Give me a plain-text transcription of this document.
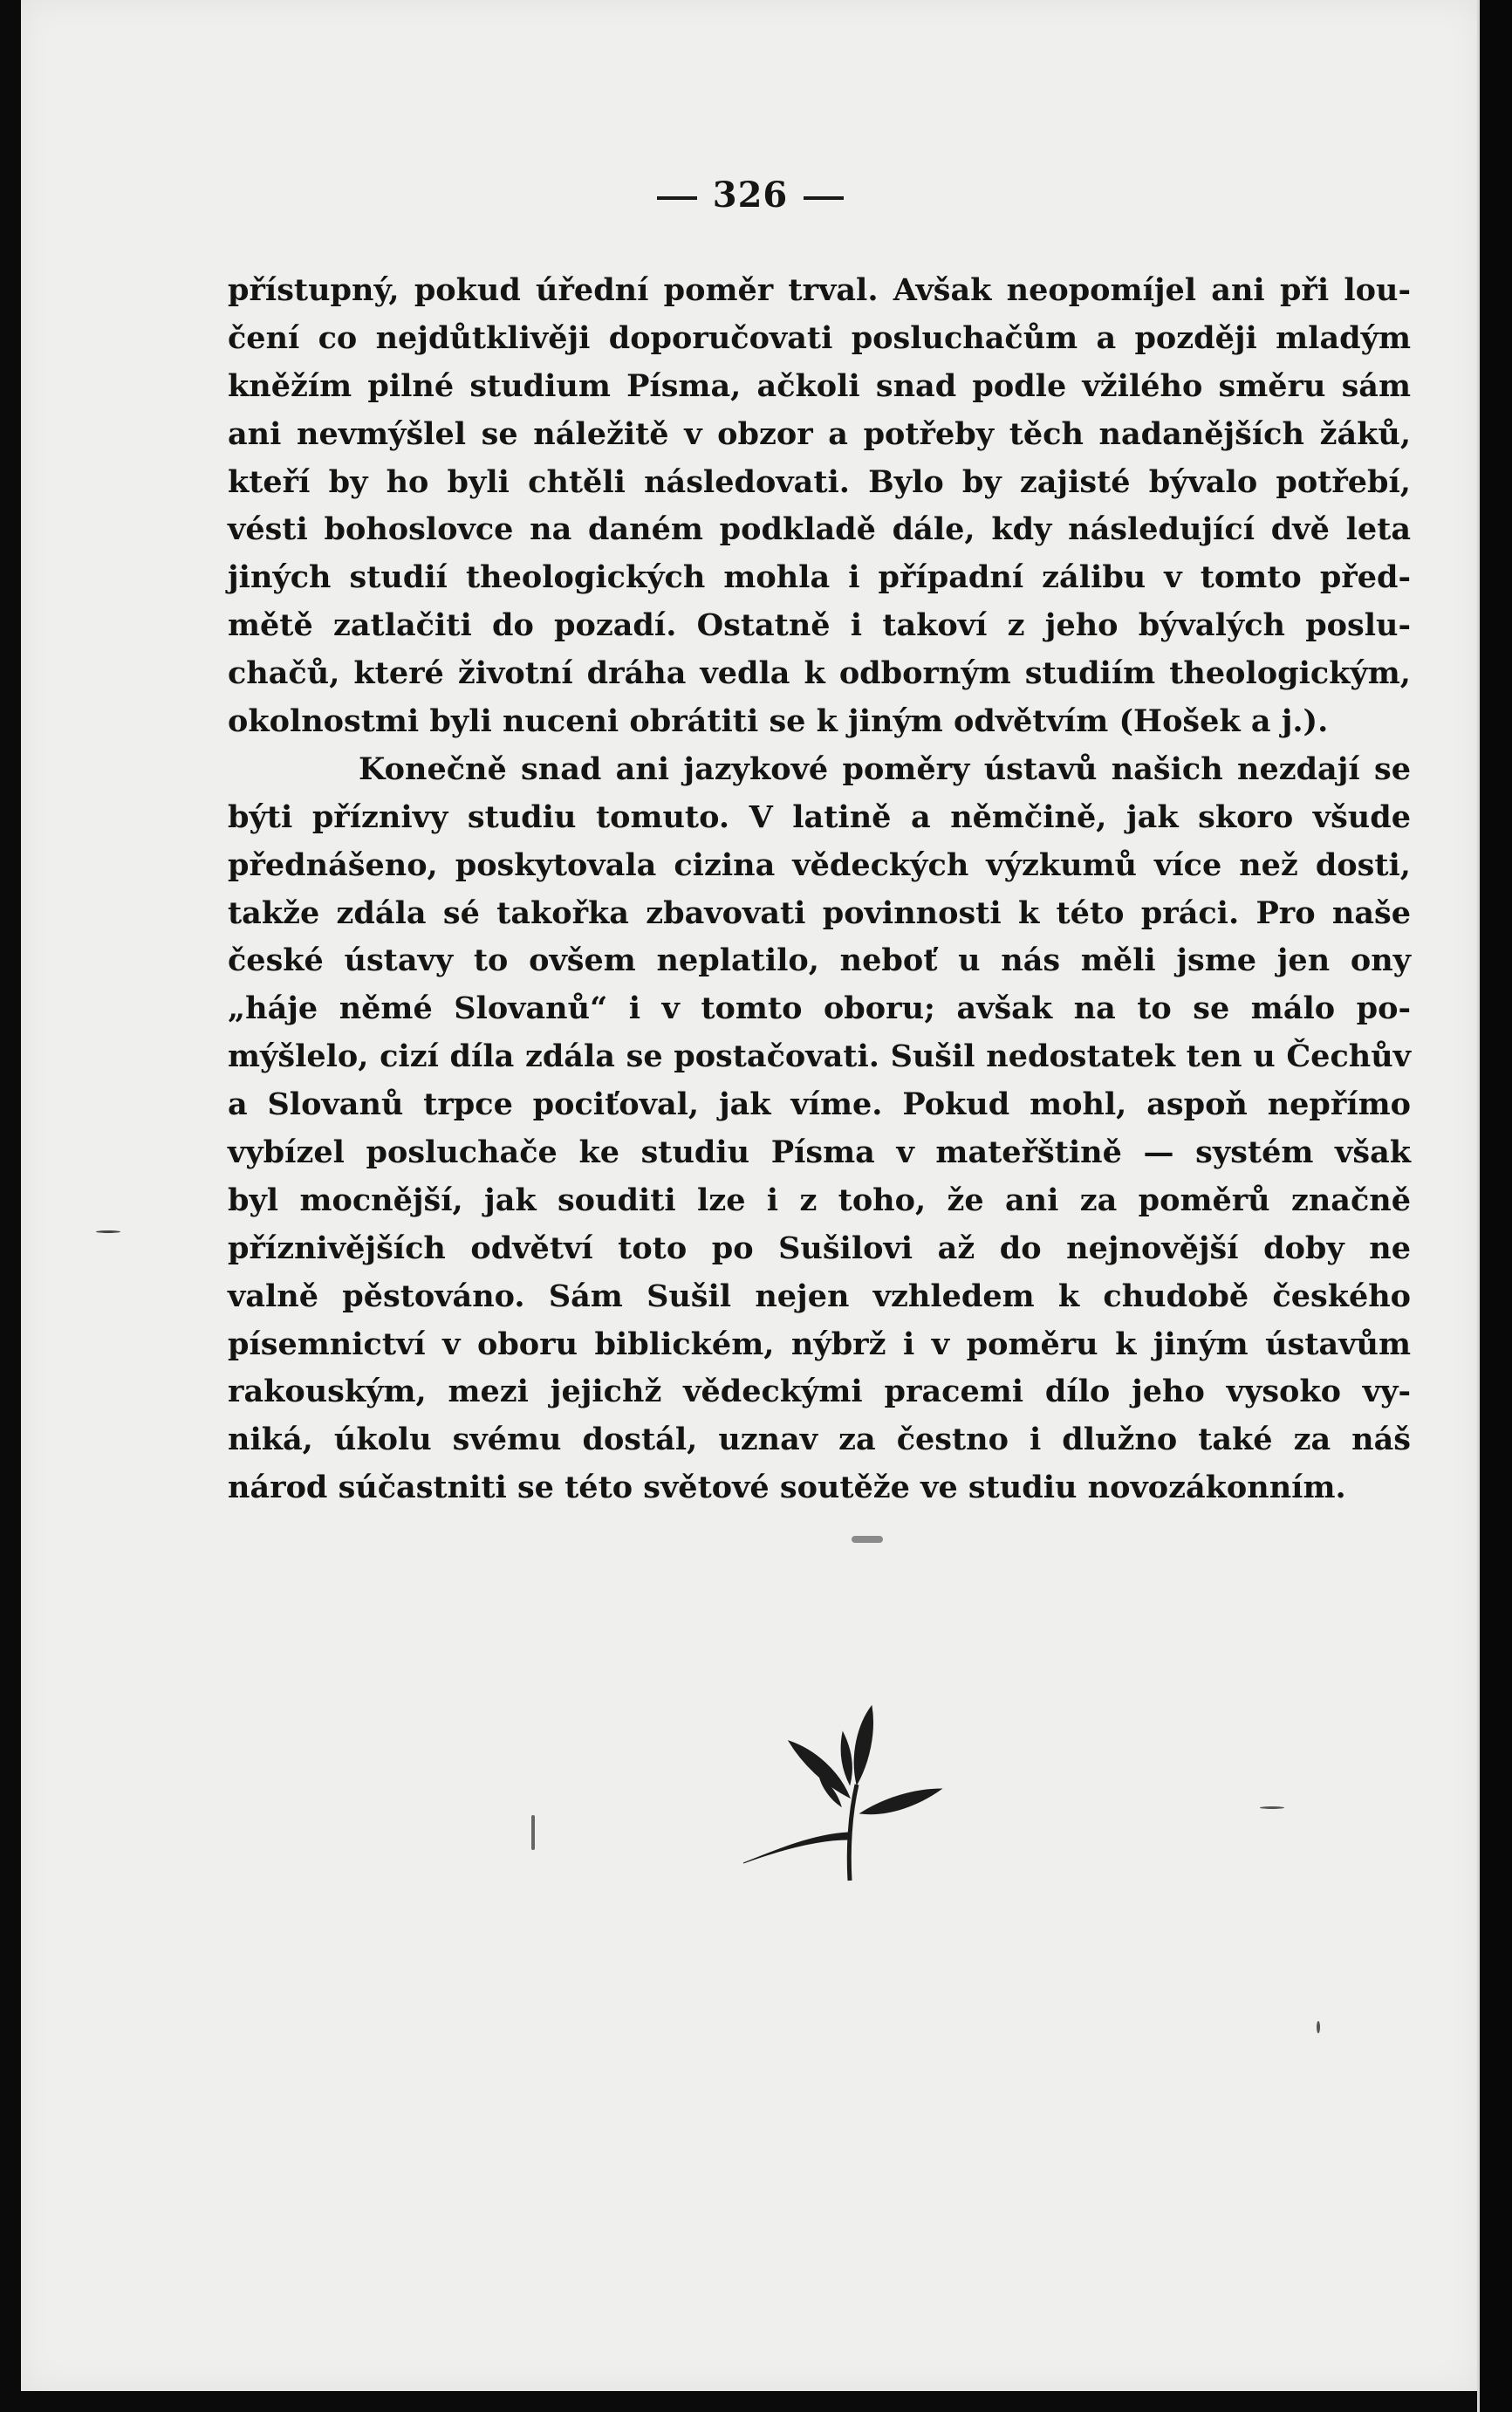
326
přístupný, pokud úřední poměr trval. Avšak neopomíjel ani při lou-
čení co nejdůtklivěji doporučovati posluchačům a později mladým
kněžím pilné studium Písma, ačkoli snad podle vžilého směru sám
ani nevmýšlel se náležitě v obzor a potřeby těch nadanějších žáků,
kteří by ho byli chtěli následovati. Bylo by zajisté bývalo potřebí,
vésti bohoslovce na daném podkladě dále, kdy následující dvě leta
jiných studií theologických mohla i případní zálibu v tomto před-
mětě zatlačiti do pozadí. Ostatně i takoví z jeho bývalých poslu-
chačů, které životní dráha vedla k odborným studiím theologickým,
okolnostmi byli nuceni obrátiti se k jiným odvětvím (Hošek a j.).
Konečně snad ani jazykové poměry ústavů našich nezdají se
býti příznivy studiu tomuto. V latině a němčině, jak skoro všude
přednášeno, poskytovala cizina vědeckých výzkumů více než dosti,
takže zdála sé takořka zbavovati povinnosti k této práci. Pro naše
české ústavy to ovšem neplatilo, neboť u nás měli jsme jen ony
„háje němé Slovanů“ i v tomto oboru; avšak na to se málo po-
mýšlelo, cizí díla zdála se postačovati. Sušil nedostatek ten u Čechův
a Slovanů trpce pociťoval, jak víme. Pokud mohl, aspoň nepřímo
vybízel posluchače ke studiu Písma v mateřštině — systém však
byl mocnější, jak souditi lze i z toho, že ani za poměrů značně
příznivějších odvětví toto po Sušilovi až do nejnovější doby ne
valně pěstováno. Sám Sušil nejen vzhledem k chudobě českého
písemnictví v oboru biblickém, nýbrž i v poměru k jiným ústavům
rakouským, mezi jejichž vědeckými pracemi dílo jeho vysoko vy-
niká, úkolu svému dostál, uznav za čestno i dlužno také za náš
národ súčastniti se této světové soutěže ve studiu novozákonním.
